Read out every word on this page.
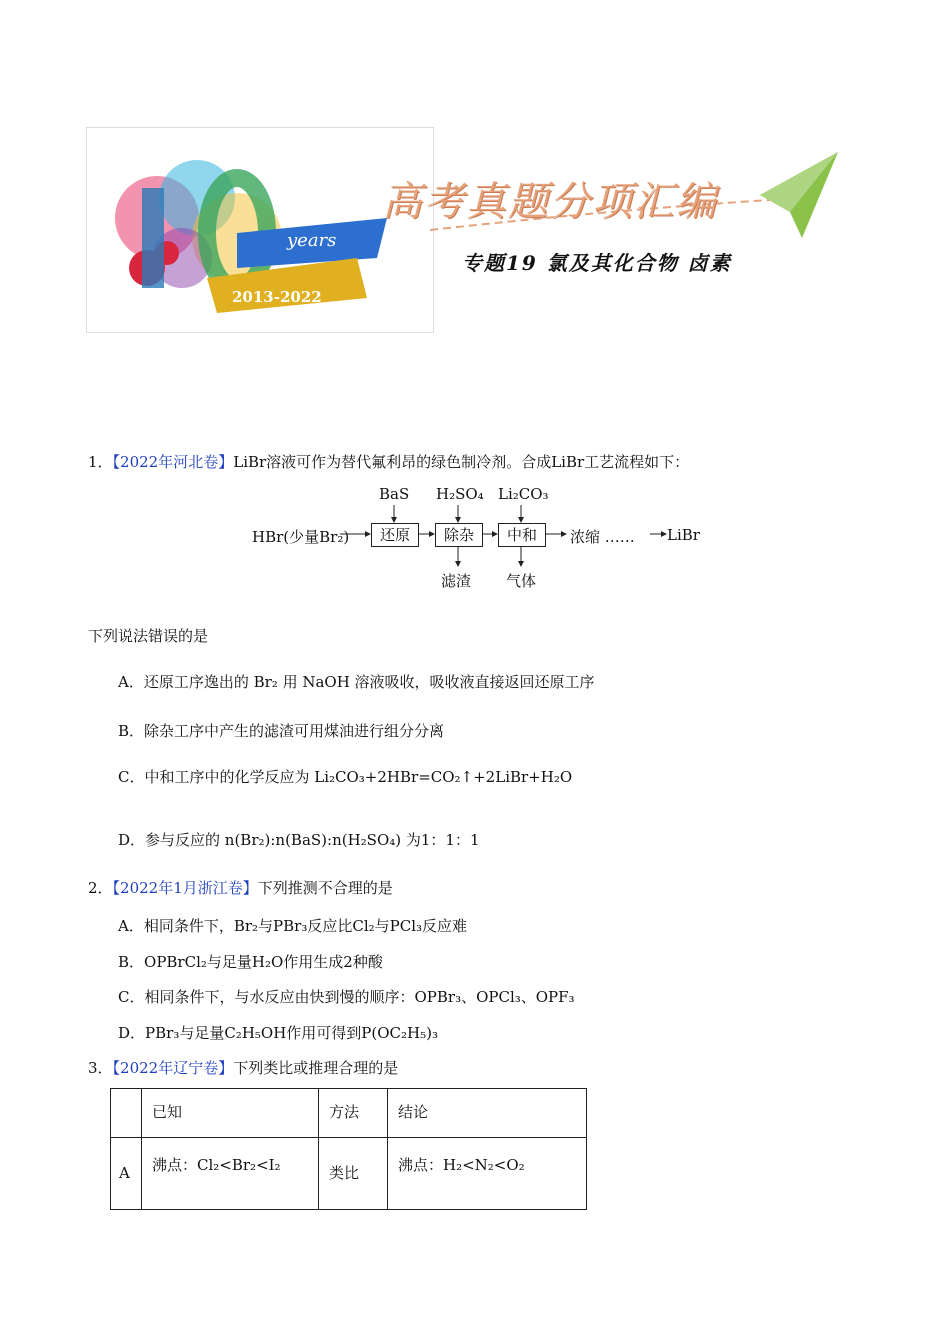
years
2013-2022
高考真题分项汇编
专题19 氯及其化合物 卤素
1．【2022年河北卷】LiBr溶液可作为替代氟利昂的绿色制冷剂。合成LiBr工艺流程如下：
HBr(少量Br₂)
BaS H₂SO₄ Li₂CO₃
还原	除杂	中和	浓缩 …… LiBr
滤渣 气体
下列说法错误的是
A．还原工序逸出的 Br₂ 用 NaOH 溶液吸收，吸收液直接返回还原工序
B．除杂工序中产生的滤渣可用煤油进行组分分离
C．中和工序中的化学反应为 Li₂CO₃+2HBr=CO₂↑+2LiBr+H₂O
D．参与反应的 n(Br₂):n(BaS):n(H₂SO₄) 为1：1：1
2．【2022年1月浙江卷】下列推测不合理的是
A．相同条件下，Br₂与PBr₃反应比Cl₂与PCl₃反应难
B．OPBrCl₂与足量H₂O作用生成2种酸
C．相同条件下，与水反应由快到慢的顺序：OPBr₃、OPCl₃、OPF₃
D．PBr₃与足量C₂H₅OH作用可得到P(OC₂H₅)₃
3．【2022年辽宁卷】下列类比或推理合理的是
	已知	方法	结论
A	沸点：Cl₂<Br₂<I₂	类比	沸点：H₂<N₂<O₂
